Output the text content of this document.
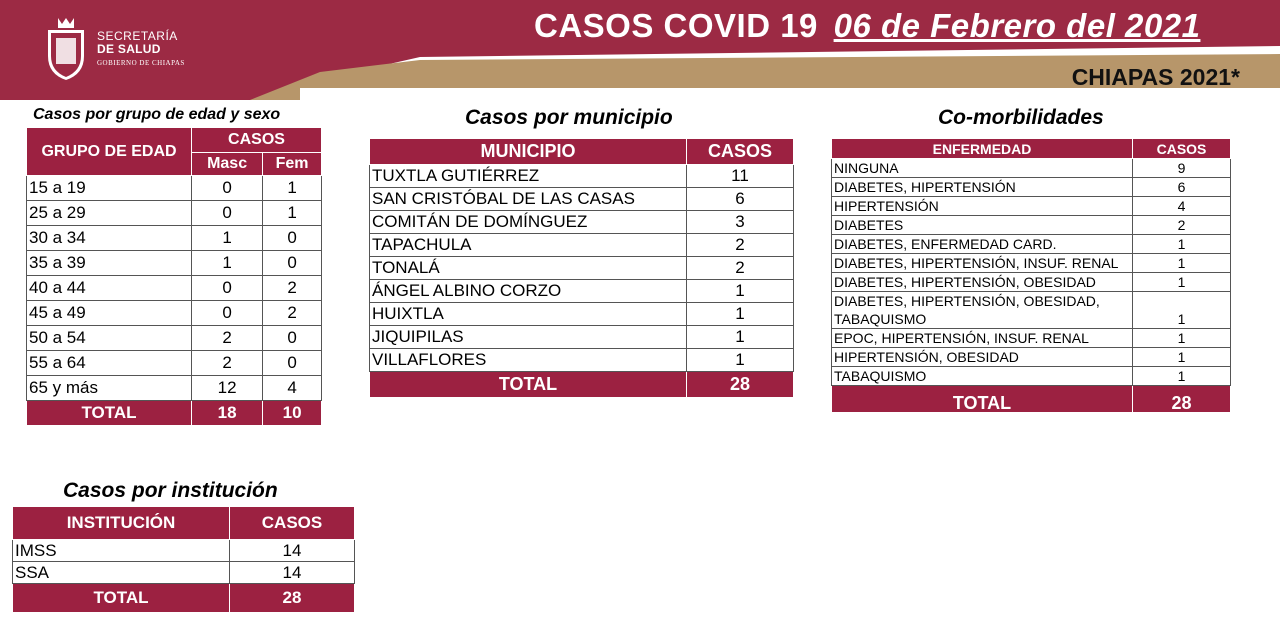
SECRETARÍA
DE SALUD
GOBIERNO DE CHIAPAS
CASOS COVID 19 06 de Febrero del 2021
CHIAPAS 2021*
Casos por grupo de edad y sexo
GRUPO DE EDAD	CASOS	
	Masc	Fem
15 a 19	0	1
25 a 29	0	1
30 a 34	1	0
35 a 39	1	0
40 a 44	0	2
45 a 49	0	2
50 a 54	2	0
55 a 64	2	0
65 y más	12	4
TOTAL	18	10
Casos por municipio
MUNICIPIO	CASOS
TUXTLA GUTIÉRREZ	11
SAN CRISTÓBAL DE LAS CASAS	6
COMITÁN DE DOMÍNGUEZ	3
TAPACHULA	2
TONALÁ	2
ÁNGEL ALBINO CORZO	1
HUIXTLA	1
JIQUIPILAS	1
VILLAFLORES	1
TOTAL	28
Co-morbilidades
ENFERMEDAD	CASOS
NINGUNA	9
DIABETES, HIPERTENSIÓN	6
HIPERTENSIÓN	4
DIABETES	2
DIABETES, ENFERMEDAD CARD.	1
DIABETES, HIPERTENSIÓN, INSUF. RENAL	1
DIABETES, HIPERTENSIÓN, OBESIDAD	1
DIABETES, HIPERTENSIÓN, OBESIDAD, TABAQUISMO	1
EPOC, HIPERTENSIÓN, INSUF. RENAL	1
HIPERTENSIÓN, OBESIDAD	1
TABAQUISMO	1
TOTAL	28
Casos por institución
INSTITUCIÓN	CASOS
IMSS	14
SSA	14
TOTAL	28
